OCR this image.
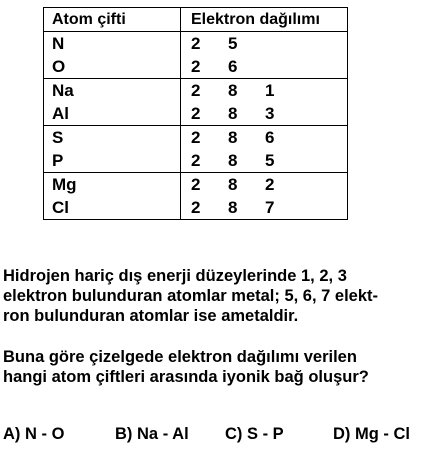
Atom çifti	Elektron dağılımı
N	2 5
O	2 6
Na	2 8 1
Al	2 8 3
S	2 8 6
P	2 8 5
Mg	2 8 2
Cl	2 8 7

Hidrojen hariç dış enerji düzeylerinde 1, 2, 3
elektron bulunduran atomlar metal; 5, 6, 7 elekt-
ron bulunduran atomlar ise ametaldir.

Buna göre çizelgede elektron dağılımı verilen
hangi atom çiftleri arasında iyonik bağ oluşur?

A) N - O	B) Na - Al C) S - P	D) Mg - Cl
